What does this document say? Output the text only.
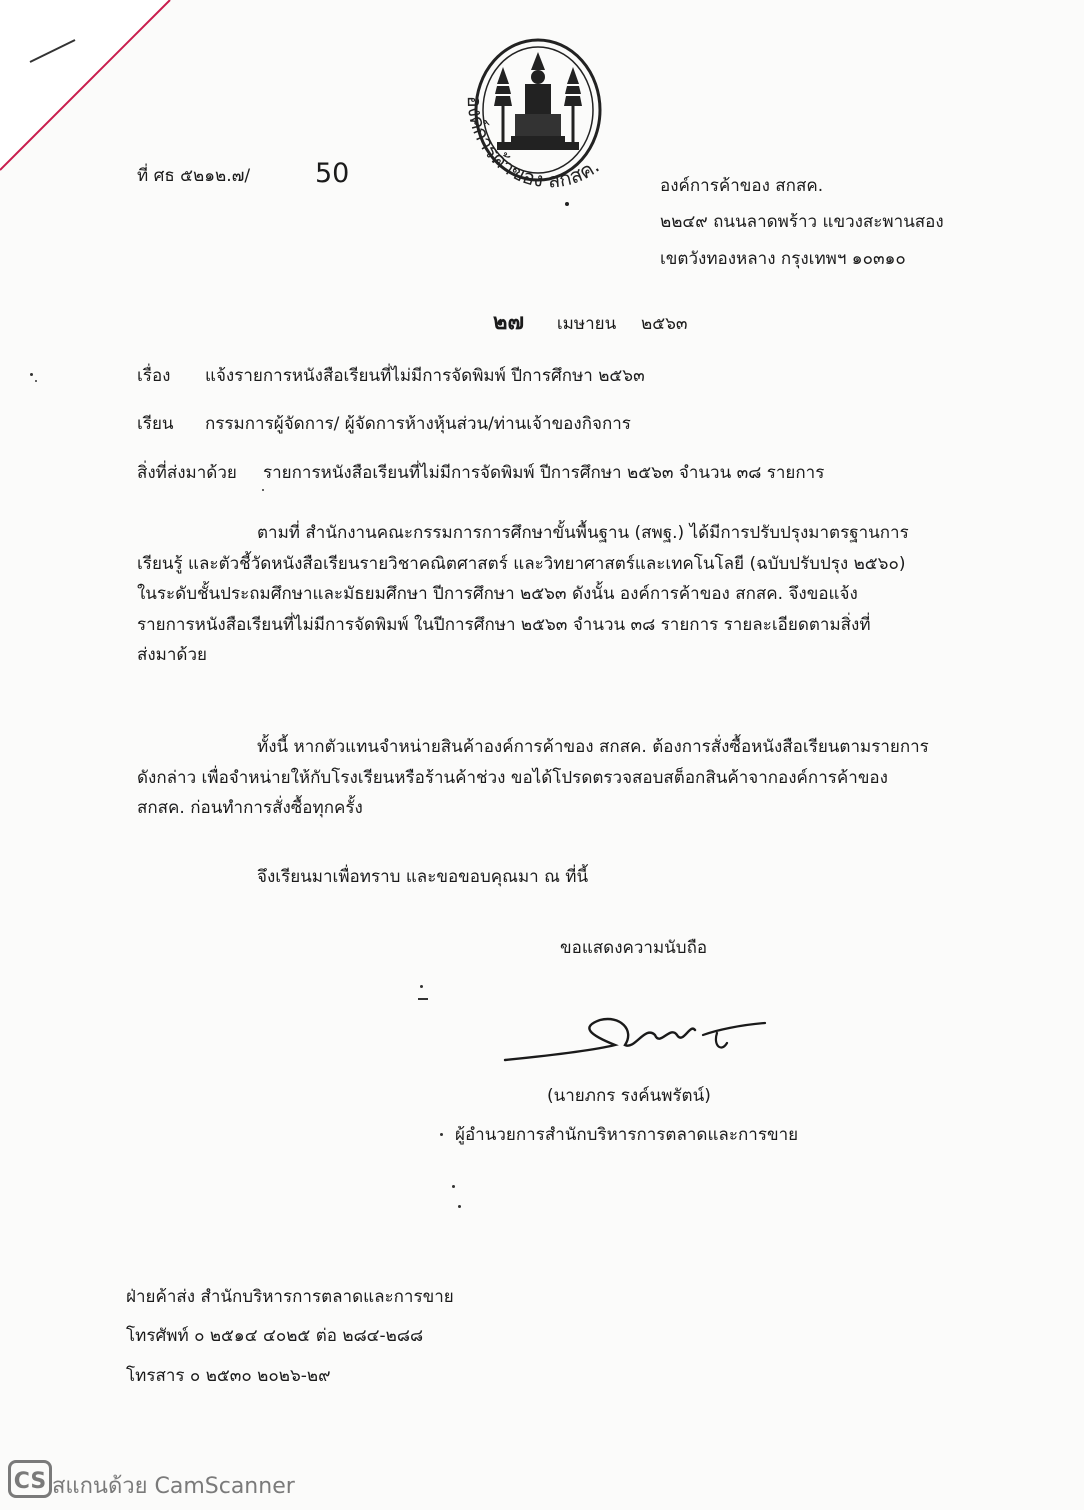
องค์การค้าของ สกสค.
ที่ ศธ ๕๒๑๒.๗/ 50	องค์การค้าของ สกสค.
๒๒๔๙ ถนนลาดพร้าว แขวงสะพานสอง
เขตวังทองหลาง กรุงเทพฯ ๑๐๓๑๐
๒๗ เมษายน ๒๕๖๓
เรื่อง แจ้งรายการหนังสือเรียนที่ไม่มีการจัดพิมพ์ ปีการศึกษา ๒๕๖๓
เรียน กรรมการผู้จัดการ/ ผู้จัดการห้างหุ้นส่วน/ท่านเจ้าของกิจการ
สิ่งที่ส่งมาด้วย รายการหนังสือเรียนที่ไม่มีการจัดพิมพ์ ปีการศึกษา ๒๕๖๓ จำนวน ๓๘ รายการ
ตามที่ สำนักงานคณะกรรมการการศึกษาขั้นพื้นฐาน (สพฐ.) ได้มีการปรับปรุงมาตรฐานการ
เรียนรู้ และตัวชี้วัดหนังสือเรียนรายวิชาคณิตศาสตร์ และวิทยาศาสตร์และเทคโนโลยี (ฉบับปรับปรุง ๒๕๖๐)
ในระดับชั้นประถมศึกษาและมัธยมศึกษา ปีการศึกษา ๒๕๖๓ ดังนั้น องค์การค้าของ สกสค. จึงขอแจ้ง
รายการหนังสือเรียนที่ไม่มีการจัดพิมพ์ ในปีการศึกษา ๒๕๖๓ จำนวน ๓๘ รายการ รายละเอียดตามสิ่งที่
ส่งมาด้วย
ทั้งนี้ หากตัวแทนจำหน่ายสินค้าองค์การค้าของ สกสค. ต้องการสั่งซื้อหนังสือเรียนตามรายการ
ดังกล่าว เพื่อจำหน่ายให้กับโรงเรียนหรือร้านค้าช่วง ขอได้โปรดตรวจสอบสต็อกสินค้าจากองค์การค้าของ
สกสค. ก่อนทำการสั่งซื้อทุกครั้ง
จึงเรียนมาเพื่อทราบ และขอขอบคุณมา ณ ที่นี้
ขอแสดงความนับถือ
(นายภกร รงค์นพรัตน์)
ผู้อำนวยการสำนักบริหารการตลาดและการขาย
ฝ่ายค้าส่ง สำนักบริหารการตลาดและการขาย
โทรศัพท์ ๐ ๒๕๑๔ ๔๐๒๕ ต่อ ๒๘๔-๒๘๘
โทรสาร ๐ ๒๕๓๐ ๒๐๒๖-๒๙
CS สแกนด้วย CamScanner
